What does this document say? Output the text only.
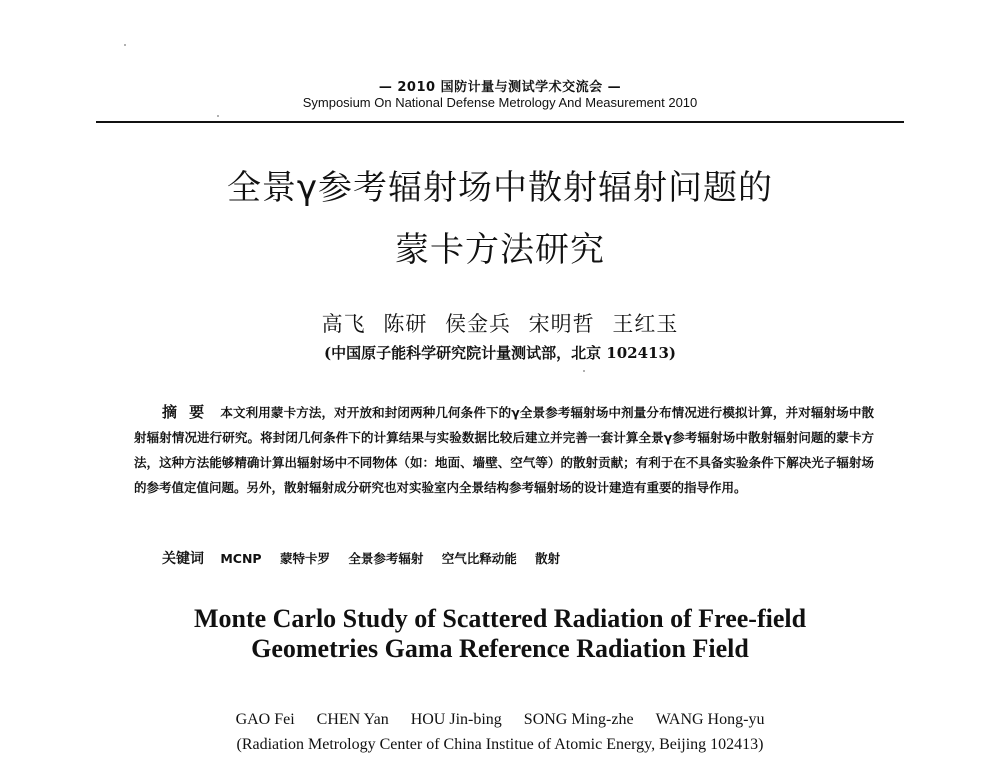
— 2010 国防计量与测试学术交流会 —
Symposium On National Defense Metrology And Measurement 2010
全景γ参考辐射场中散射辐射问题的
蒙卡方法研究
高飞 陈研 侯金兵 宋明哲 王红玉
(中国原子能科学研究院计量测试部，北京 102413)
摘要 本文利用蒙卡方法，对开放和封闭两种几何条件下的γ全景参考辐射场中剂量分布情况进行模拟计算，并对辐射场中散射辐射情况进行研究。将封闭几何条件下的计算结果与实验数据比较后建立并完善一套计算全景γ参考辐射场中散射辐射问题的蒙卡方法，这种方法能够精确计算出辐射场中不同物体（如：地面、墙壁、空气等）的散射贡献；有利于在不具备实验条件下解决光子辐射场的参考值定值问题。另外，散射辐射成分研究也对实验室内全景结构参考辐射场的设计建造有重要的指导作用。
关键词 MCNP 蒙特卡罗 全景参考辐射 空气比释动能 散射
Monte Carlo Study of Scattered Radiation of Free-field
Geometries Gama Reference Radiation Field
GAO Fei CHEN Yan HOU Jin-bing SONG Ming-zhe WANG Hong-yu
(Radiation Metrology Center of China Institue of Atomic Energy, Beijing 102413)
